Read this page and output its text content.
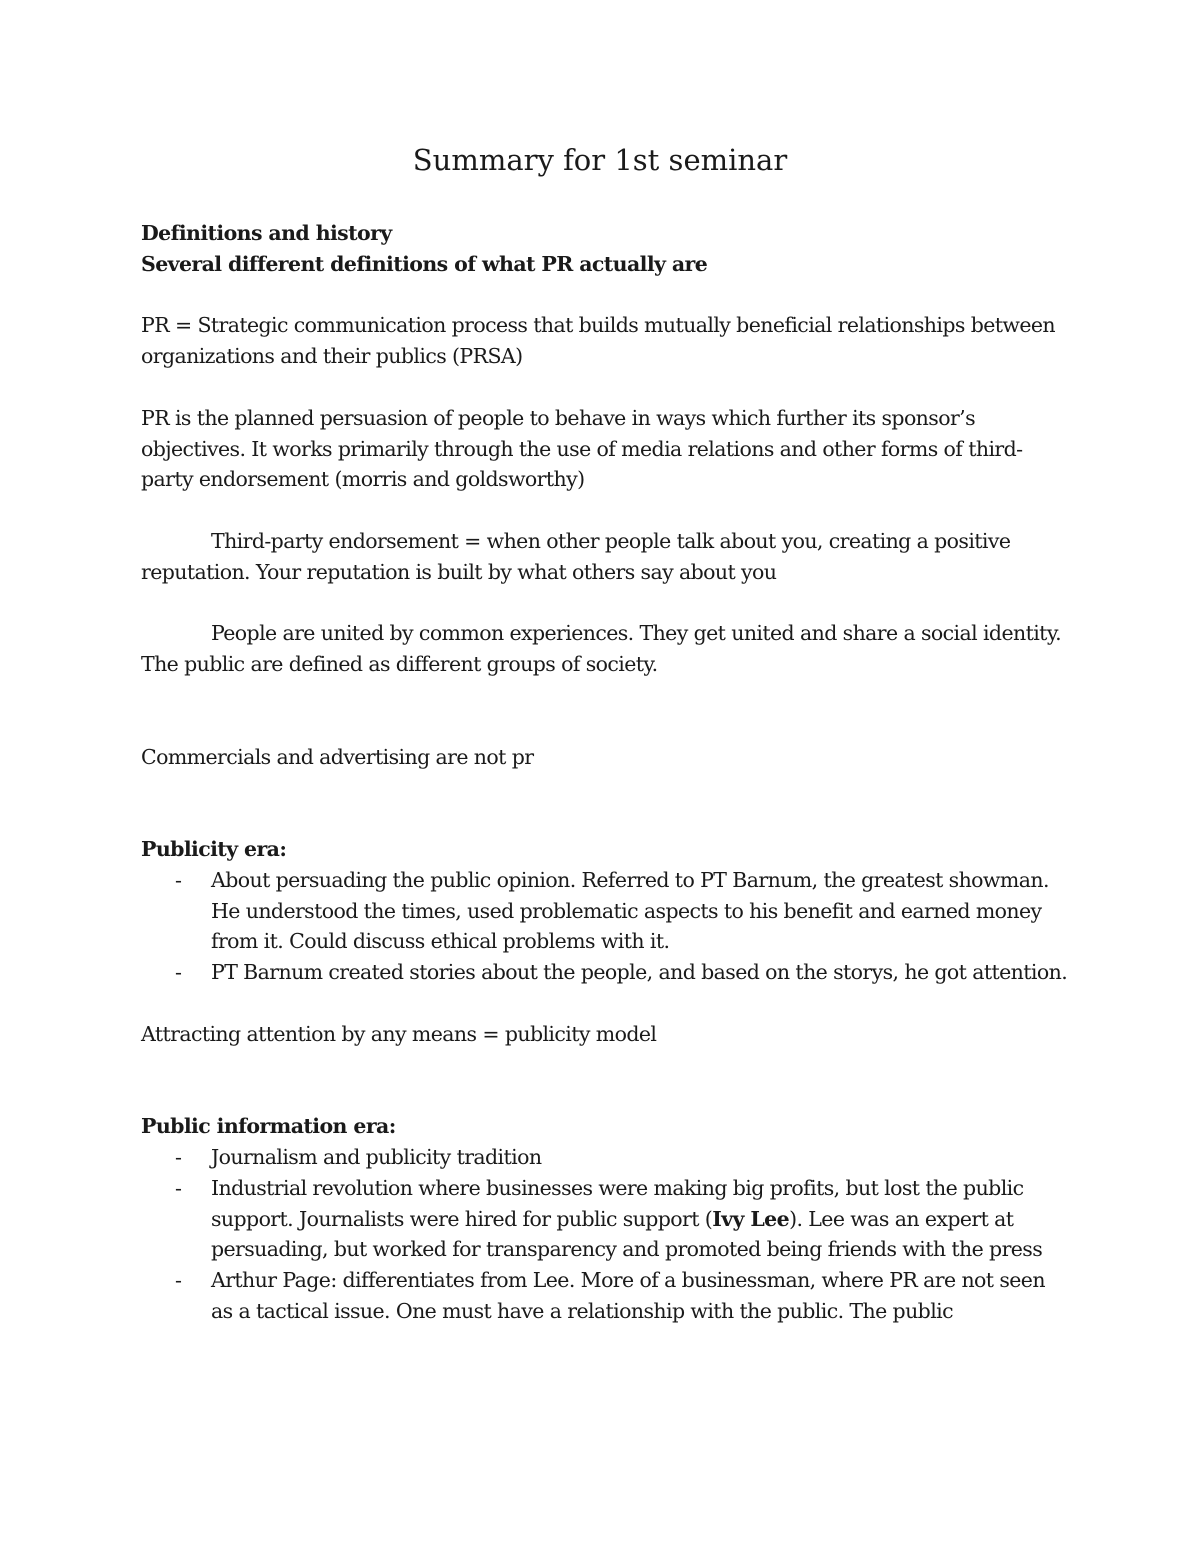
Summary for 1st seminar

Definitions and history

Several different definitions of what PR actually are

PR = Strategic communication process that builds mutually beneficial relationships between organizations and their publics (PRSA)

PR is the planned persuasion of people to behave in ways which further its sponsor’s objectives. It works primarily through the use of media relations and other forms of third-party endorsement (morris and goldsworthy)

Third-party endorsement = when other people talk about you, creating a positive reputation. Your reputation is built by what others say about you

People are united by common experiences. They get united and share a social identity. The public are defined as different groups of society.

Commercials and advertising are not pr

Publicity era:

- About persuading the public opinion. Referred to PT Barnum, the greatest showman. He understood the times, used problematic aspects to his benefit and earned money from it. Could discuss ethical problems with it.
- PT Barnum created stories about the people, and based on the storys, he got attention.

Attracting attention by any means = publicity model

Public information era:

- Journalism and publicity tradition
- Industrial revolution where businesses were making big profits, but lost the public support. Journalists were hired for public support (Ivy Lee). Lee was an expert at persuading, but worked for transparency and promoted being friends with the press
- Arthur Page: differentiates from Lee. More of a businessman, where PR are not seen as a tactical issue. One must have a relationship with the public. The public
